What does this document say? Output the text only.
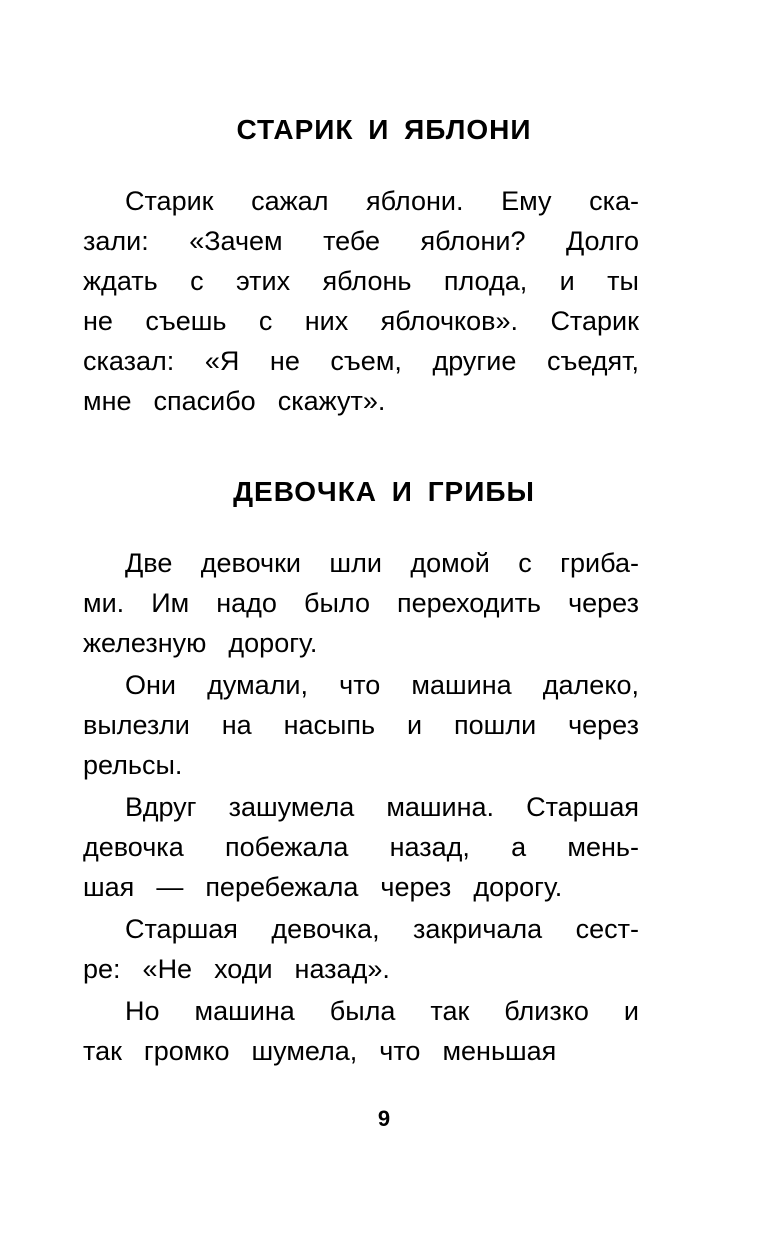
СТАРИК И ЯБЛОНИ
Старик сажал яблони. Ему ска-
зали: «Зачем тебе яблони? Долго
ждать с этих яблонь плода, и ты
не съешь с них яблочков». Старик
сказал: «Я не съем, другие съедят,
мне спасибо скажут».
ДЕВОЧКА И ГРИБЫ
Две девочки шли домой с гриба-
ми. Им надо было переходить через
железную дорогу.
Они думали, что машина далеко,
вылезли на насыпь и пошли через
рельсы.
Вдруг зашумела машина. Старшая
девочка побежала назад, а мень-
шая — перебежала через дорогу.
Старшая девочка, закричала сест-
ре: «Не ходи назад».
Но машина была так близко и
так громко шумела, что меньшая
9
